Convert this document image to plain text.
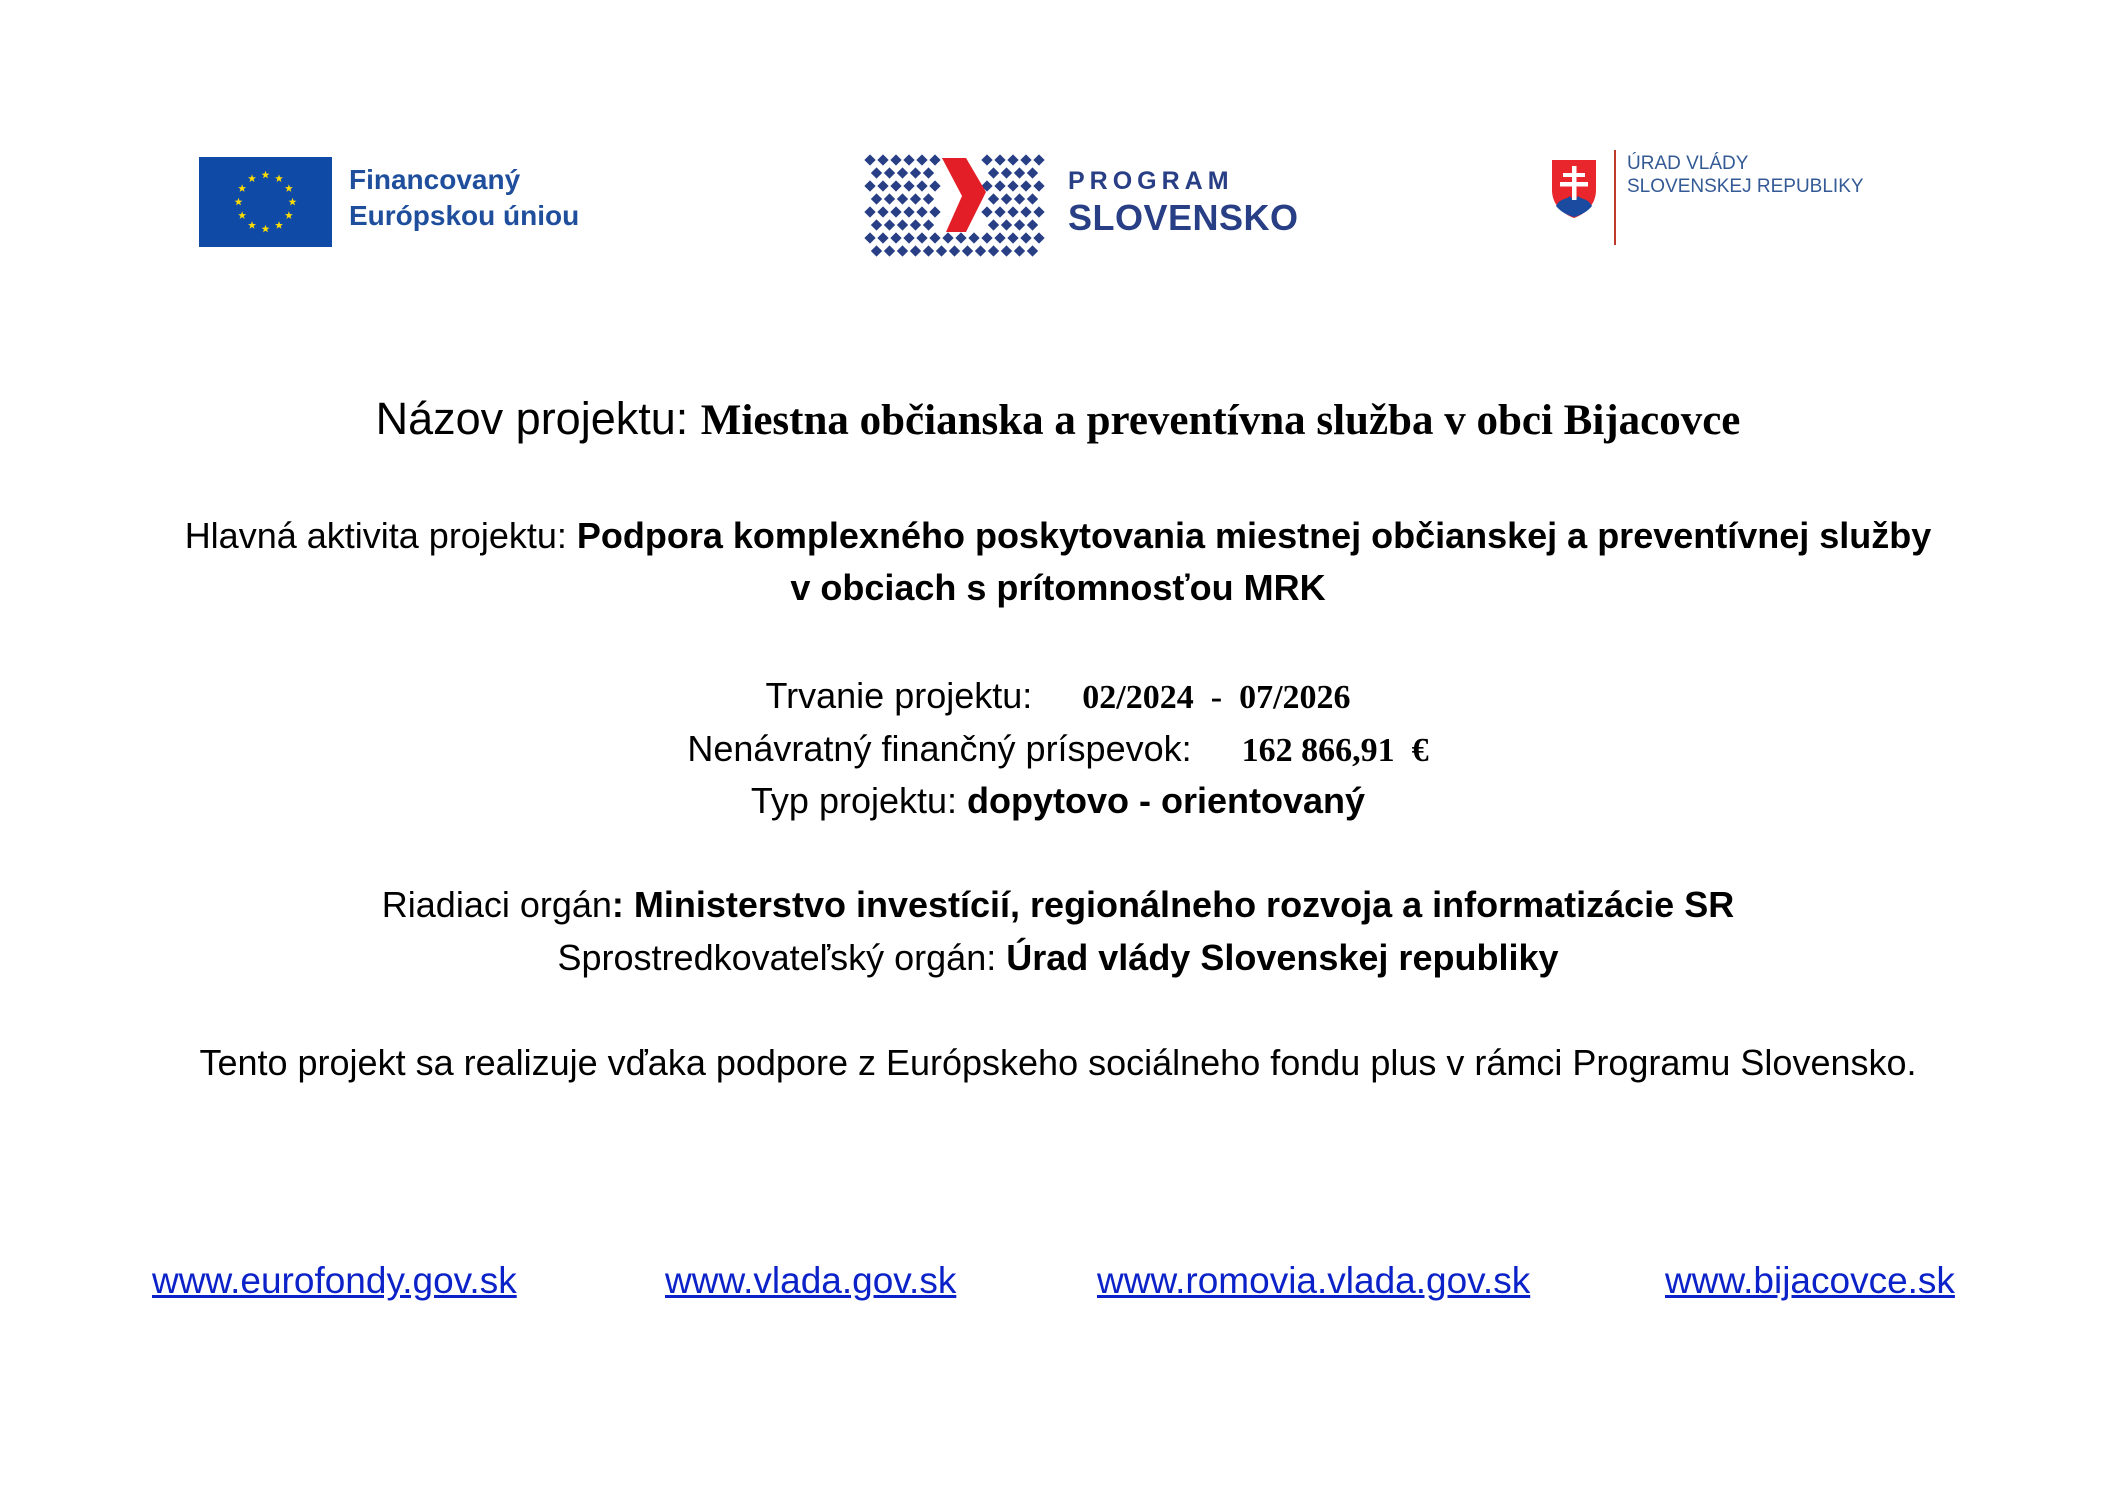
Financovaný
Európskou úniou
PROGRAM
SLOVENSKO
ÚRAD VLÁDY
SLOVENSKEJ REPUBLIKY
Názov projektu: Miestna občianska a preventívna služba v obci Bijacovce
Hlavná aktivita projektu: Podpora komplexného poskytovania miestnej občianskej a preventívnej služby
v obciach s prítomnosťou MRK
Trvanie projektu: 02/2024  -  07/2026
Nenávratný finančný príspevok: 162 866,91  €
Typ projektu: dopytovo - orientovaný
Riadiaci orgán: Ministerstvo investícií, regionálneho rozvoja a informatizácie SR
Sprostredkovateľský orgán: Úrad vlády Slovenskej republiky
Tento projekt sa realizuje vďaka podpore z Európskeho sociálneho fondu plus v rámci Programu Slovensko.
www.eurofondy.gov.sk	www.vlada.gov.sk	www.romovia.vlada.gov.sk	www.bijacovce.sk
